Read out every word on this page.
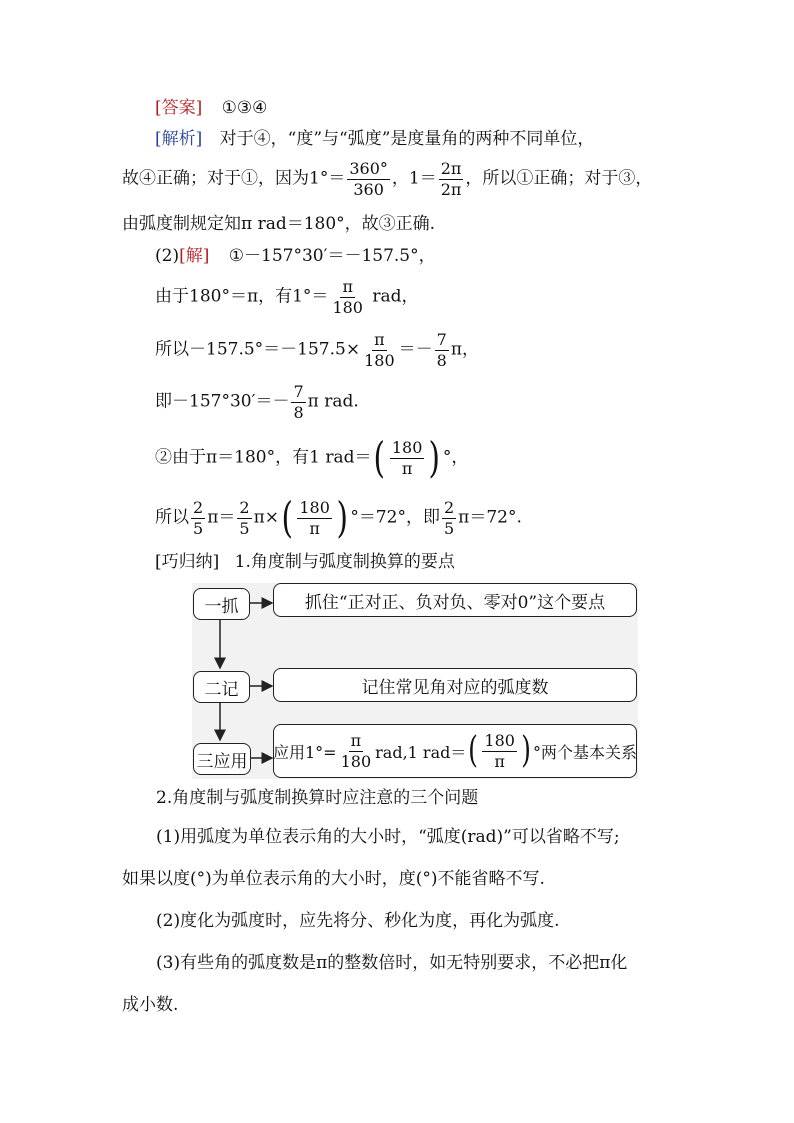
[答案] ①③④
[解析] 对于④，“度”与“弧度”是度量角的两种不同单位，
故④正确；对于①，因为$1^\circ= \frac{360^\circ}{360}$ ，$1= \frac{2\pi}{2\pi}$ ，所以①正确；对于③，
由弧度制规定知π rad＝180°，故③正确.
(2)[解] ①－157°30′＝－157.5°，
由于180°＝π，有$1^\circ= \frac{\pi}{180}$ rad，
所以$-157.5^\circ=-157.5\times \frac{\pi}{180} =- \frac{7}{8}$ π，
即$-157^\circ 30'=- \frac{7}{8}$ π rad.
②由于π＝180°，有1 rad＝ ( $\frac{180}{\pi}$ ) °，
所以 $\frac{2}{5} \pi= \frac{2}{5} \pi\times$ ( $\frac{180}{\pi}$ ) °＝72°，即 $\frac{2}{5} \pi=72^\circ$.
[巧归纳] 1.角度制与弧度制换算的要点
一抓	抓住“正对正、负对负、零对0”这个要点
二记	记住常见角对应的弧度数
三应用 应用$1^\circ= \frac{\pi}{180} rad,1$ rad＝ ( $\frac{180}{\pi}$ ) °两个基本关系
2.角度制与弧度制换算时应注意的三个问题
(1)用弧度为单位表示角的大小时，“弧度(rad)”可以省略不写;
如果以度(°)为单位表示角的大小时，度(°)不能省略不写.
(2)度化为弧度时，应先将分、秒化为度，再化为弧度.
(3)有些角的弧度数是π的整数倍时，如无特别要求，不必把π化
成小数.
